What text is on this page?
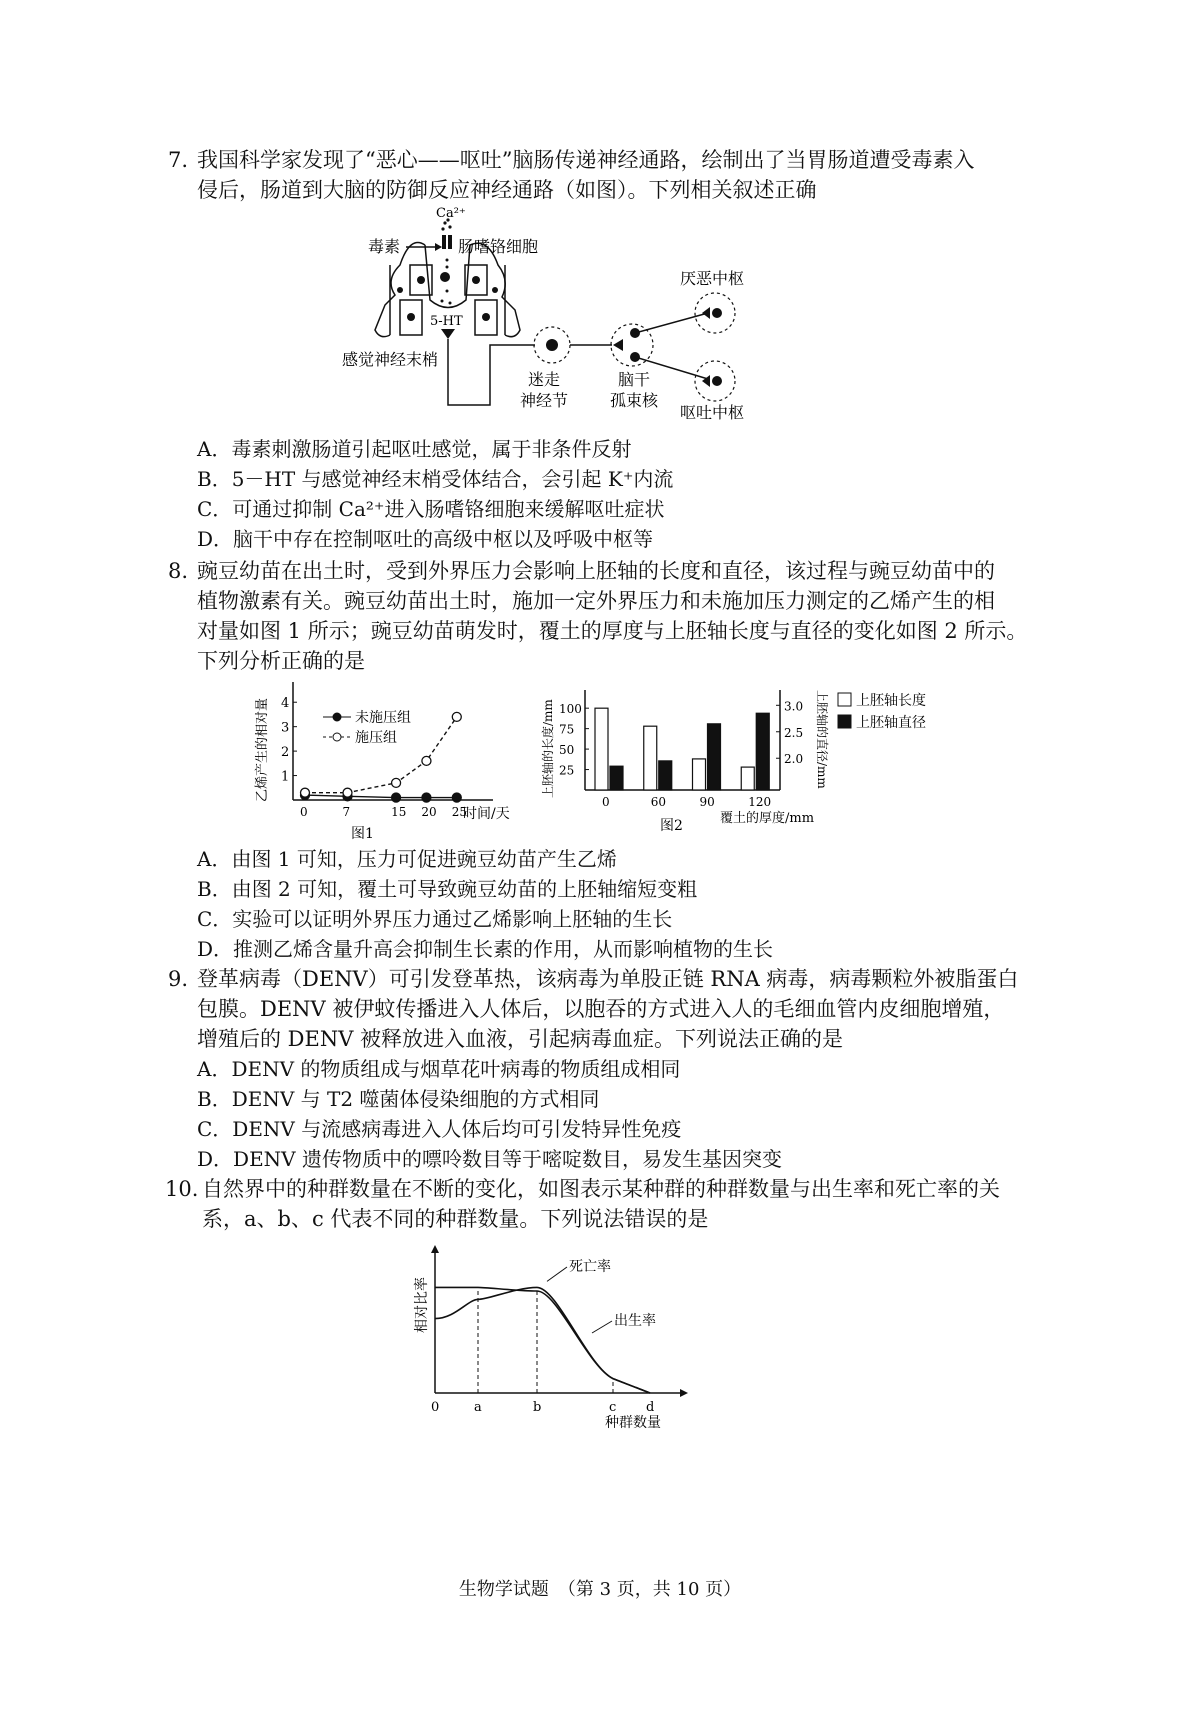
7. 我国科学家发现了“恶心——呕吐”脑肠传递神经通路，绘制出了当胃肠道遭受毒素入
侵后，肠道到大脑的防御反应神经通路（如图）。下列相关叙述正确
Ca²⁺
毒素	肠嗜铬细胞
5-HT
感觉神经末梢
迷走
神经节
脑干
孤束核
厌恶中枢
呕吐中枢
A．毒素刺激肠道引起呕吐感觉，属于非条件反射
B．5－HT 与感觉神经末梢受体结合，会引起 K⁺内流
C．可通过抑制 Ca²⁺进入肠嗜铬细胞来缓解呕吐症状
D．脑干中存在控制呕吐的高级中枢以及呼吸中枢等
8. 豌豆幼苗在出土时，受到外界压力会影响上胚轴的长度和直径，该过程与豌豆幼苗中的
植物激素有关。豌豆幼苗出土时，施加一定外界压力和未施加压力测定的乙烯产生的相
对量如图 1 所示；豌豆幼苗萌发时，覆土的厚度与上胚轴长度与直径的变化如图 2 所示。
下列分析正确的是
1
2
3
4
0	7	15 20 25
时间/天
乙烯产生的相对量
图1
未施压组
施压组
25
50
75
100
2.0
2.5
3.0
0	60	90	120
覆土的厚度/mm
上胚轴的长度/mm	上胚轴的直径/mm
图2
上胚轴长度
上胚轴直径
A．由图 1 可知，压力可促进豌豆幼苗产生乙烯
B．由图 2 可知，覆土可导致豌豆幼苗的上胚轴缩短变粗
C．实验可以证明外界压力通过乙烯影响上胚轴的生长
D．推测乙烯含量升高会抑制生长素的作用，从而影响植物的生长
9. 登革病毒（DENV）可引发登革热，该病毒为单股正链 RNA 病毒，病毒颗粒外被脂蛋白
包膜。DENV 被伊蚊传播进入人体后，以胞吞的方式进入人的毛细血管内皮细胞增殖，
增殖后的 DENV 被释放进入血液，引起病毒血症。下列说法正确的是
A．DENV 的物质组成与烟草花叶病毒的物质组成相同
B．DENV 与 T2 噬菌体侵染细胞的方式相同
C．DENV 与流感病毒进入人体后均可引发特异性免疫
D．DENV 遗传物质中的嘌呤数目等于嘧啶数目，易发生基因突变
10. 自然界中的种群数量在不断的变化，如图表示某种群的种群数量与出生率和死亡率的关
系，a、b、c 代表不同的种群数量。下列说法错误的是
0	a	b	c d
种群数量
相对比率
死亡率
出生率
生物学试题　（第 3 页，共 10 页）
